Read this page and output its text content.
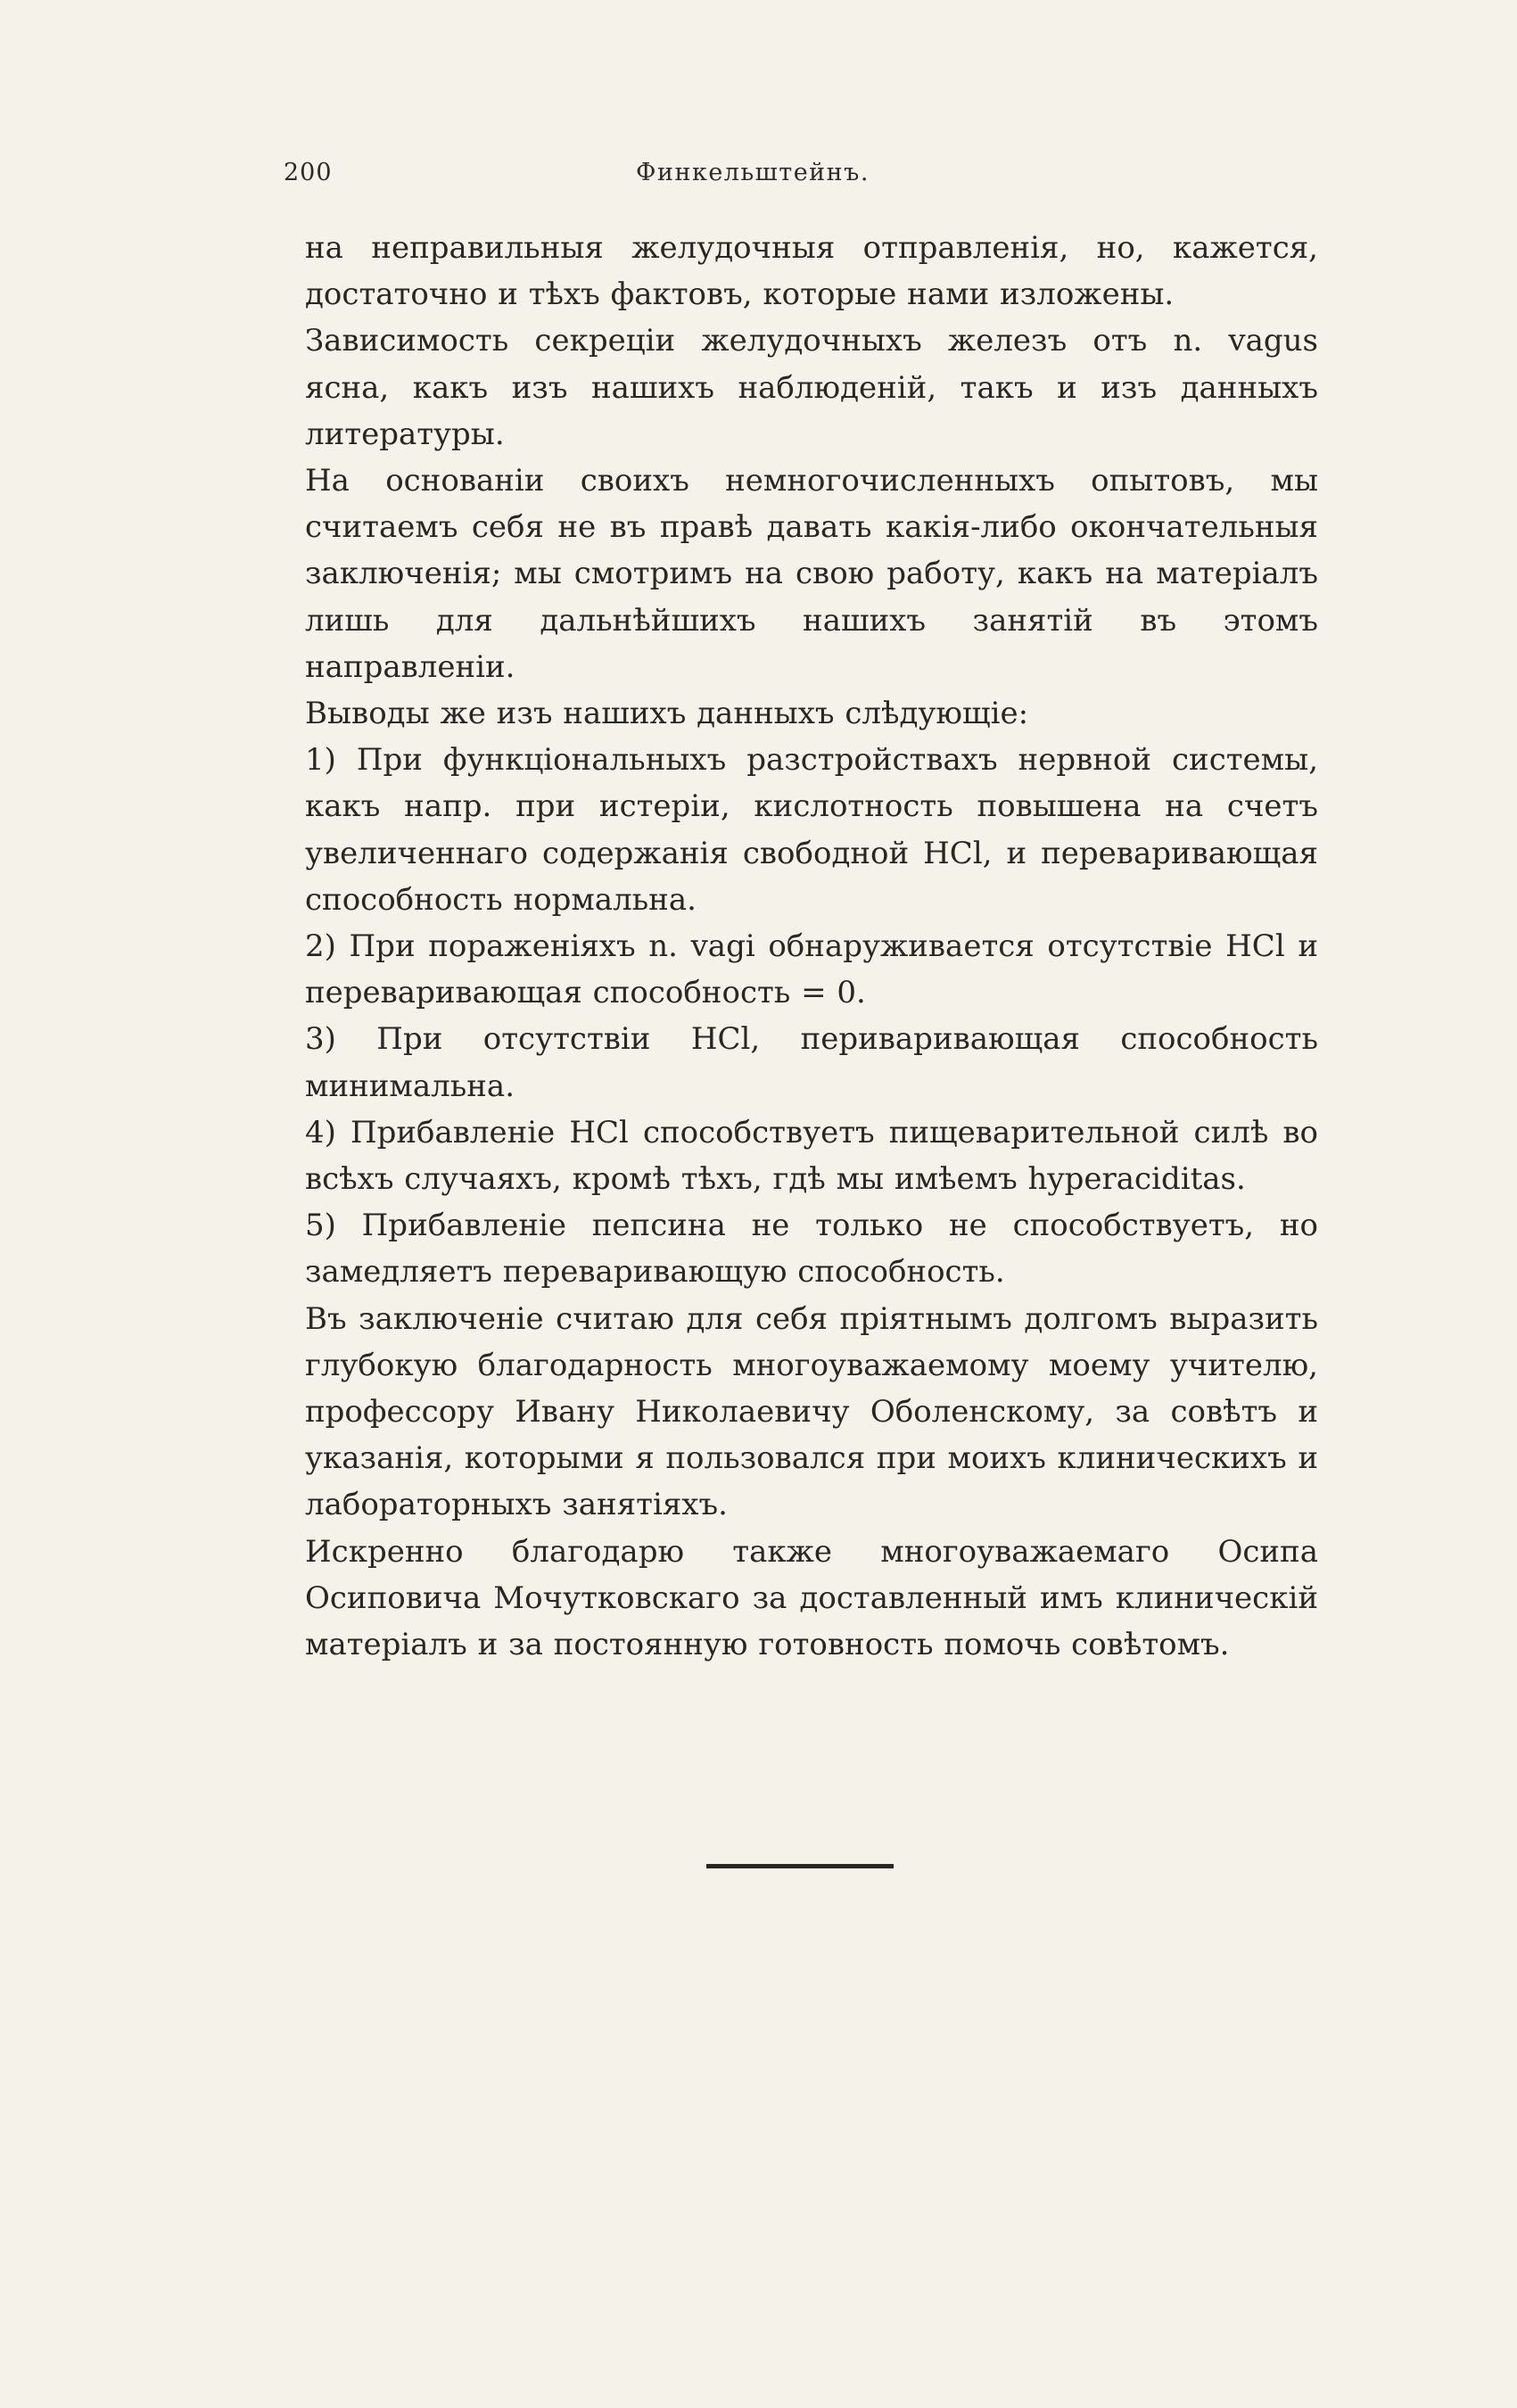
200	Финкельштейнъ.

на неправильныя желудочныя отправленія, но, кажется, достаточно и тѣхъ фактовъ, которые нами изложены.

Зависимость секреціи желудочныхъ железъ отъ n. vagus ясна, какъ изъ нашихъ наблюденій, такъ и изъ данныхъ литературы.

На основаніи своихъ немногочисленныхъ опытовъ, мы считаемъ себя не въ правѣ давать какія-либо окончательныя заключенія; мы смотримъ на свою работу, какъ на матеріалъ лишь для дальнѣйшихъ нашихъ занятій въ этомъ направленіи.

Выводы же изъ нашихъ данныхъ слѣдующіе:

1) При функціональныхъ разстройствахъ нервной системы, какъ напр. при истеріи, кислотность повышена на счетъ увеличеннаго содержанія свободной HCl, и переваривающая способность нормальна.

2) При пораженіяхъ n. vagi обнаруживается отсутствіе HCl и переваривающая способность = 0.

3) При отсутствіи HCl, периваривающая способность минимальна.

4) Прибавленіе HCl способствуетъ пищеварительной силѣ во всѣхъ случаяхъ, кромѣ тѣхъ, гдѣ мы имѣемъ hyperaciditas.

5) Прибавленіе пепсина не только не способствуетъ, но замедляетъ переваривающую способность.

Въ заключеніе считаю для себя пріятнымъ долгомъ выразить глубокую благодарность многоуважаемому моему учителю, профессору Ивану Николаевичу Оболенскому, за совѣтъ и указанія, которыми я пользовался при моихъ клиническихъ и лабораторныхъ занятіяхъ.

Искренно благодарю также многоуважаемаго Осипа Осиповича Мочутковскаго за доставленный имъ клиническій матеріалъ и за постоянную готовность помочь совѣтомъ.
